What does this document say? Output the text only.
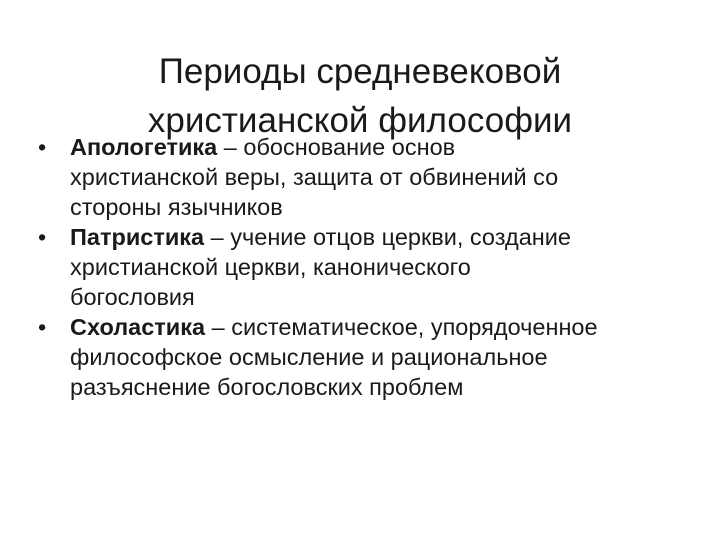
Периоды средневековой
христианской философии
• Апологетика – обоснование основ
христианской веры, защита от обвинений со
стороны язычников
• Патристика – учение отцов церкви, создание
христианской церкви, канонического
богословия
• Схоластика – систематическое, упорядоченное
философское осмысление и рациональное
разъяснение богословских проблем
